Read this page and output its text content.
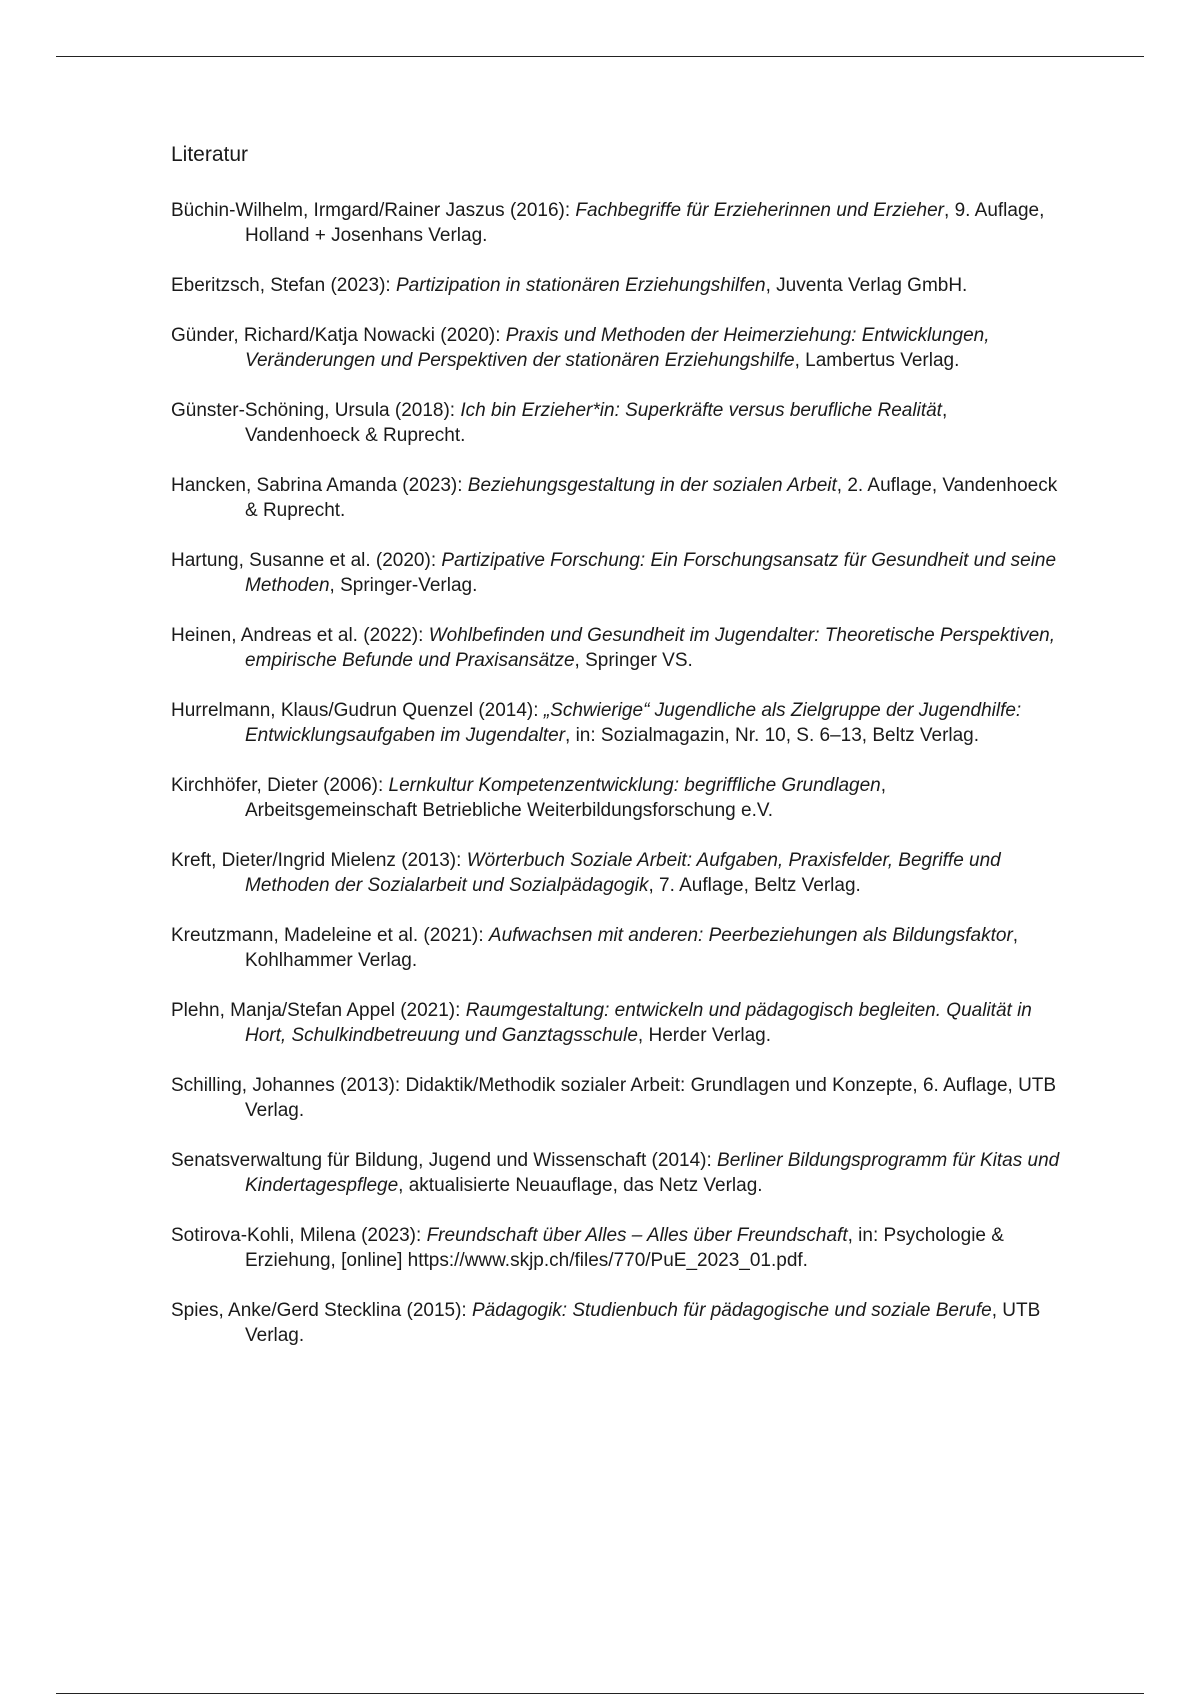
Literatur
Büchin-Wilhelm, Irmgard/Rainer Jaszus (2016): Fachbegriffe für Erzieherinnen und Erzieher, 9. Auflage, Holland + Josenhans Verlag.
Eberitzsch, Stefan (2023): Partizipation in stationären Erziehungshilfen, Juventa Verlag GmbH.
Günder, Richard/Katja Nowacki (2020): Praxis und Methoden der Heimerziehung: Entwicklungen, Veränderungen und Perspektiven der stationären Erziehungshilfe, Lambertus Verlag.
Günster-Schöning, Ursula (2018): Ich bin Erzieher*in: Superkräfte versus berufliche Realität, Vandenhoeck & Ruprecht.
Hancken, Sabrina Amanda (2023): Beziehungsgestaltung in der sozialen Arbeit, 2. Auflage, Vandenhoeck & Ruprecht.
Hartung, Susanne et al. (2020): Partizipative Forschung: Ein Forschungsansatz für Gesundheit und seine Methoden, Springer-Verlag.
Heinen, Andreas et al. (2022): Wohlbefinden und Gesundheit im Jugendalter: Theoretische Perspektiven, empirische Befunde und Praxisansätze, Springer VS.
Hurrelmann, Klaus/Gudrun Quenzel (2014): „Schwierige“ Jugendliche als Zielgruppe der Jugendhilfe: Entwicklungsaufgaben im Jugendalter, in: Sozialmagazin, Nr. 10, S. 6–13, Beltz Verlag.
Kirchhöfer, Dieter (2006): Lernkultur Kompetenzentwicklung: begriffliche Grundlagen, Arbeitsgemeinschaft Betriebliche Weiterbildungsforschung e.V.
Kreft, Dieter/Ingrid Mielenz (2013): Wörterbuch Soziale Arbeit: Aufgaben, Praxisfelder, Begriffe und Methoden der Sozialarbeit und Sozialpädagogik, 7. Auflage, Beltz Verlag.
Kreutzmann, Madeleine et al. (2021): Aufwachsen mit anderen: Peerbeziehungen als Bildungsfaktor, Kohlhammer Verlag.
Plehn, Manja/Stefan Appel (2021): Raumgestaltung: entwickeln und pädagogisch begleiten. Qualität in Hort, Schulkindbetreuung und Ganztagsschule, Herder Verlag.
Schilling, Johannes (2013): Didaktik/Methodik sozialer Arbeit: Grundlagen und Konzepte, 6. Auflage, UTB Verlag.
Senatsverwaltung für Bildung, Jugend und Wissenschaft (2014): Berliner Bildungsprogramm für Kitas und Kindertagespflege, aktualisierte Neuauflage, das Netz Verlag.
Sotirova-Kohli, Milena (2023): Freundschaft über Alles – Alles über Freundschaft, in: Psychologie & Erziehung, [online] https://www.skjp.ch/files/770/PuE_2023_01.pdf.
Spies, Anke/Gerd Stecklina (2015): Pädagogik: Studienbuch für pädagogische und soziale Berufe, UTB Verlag.
